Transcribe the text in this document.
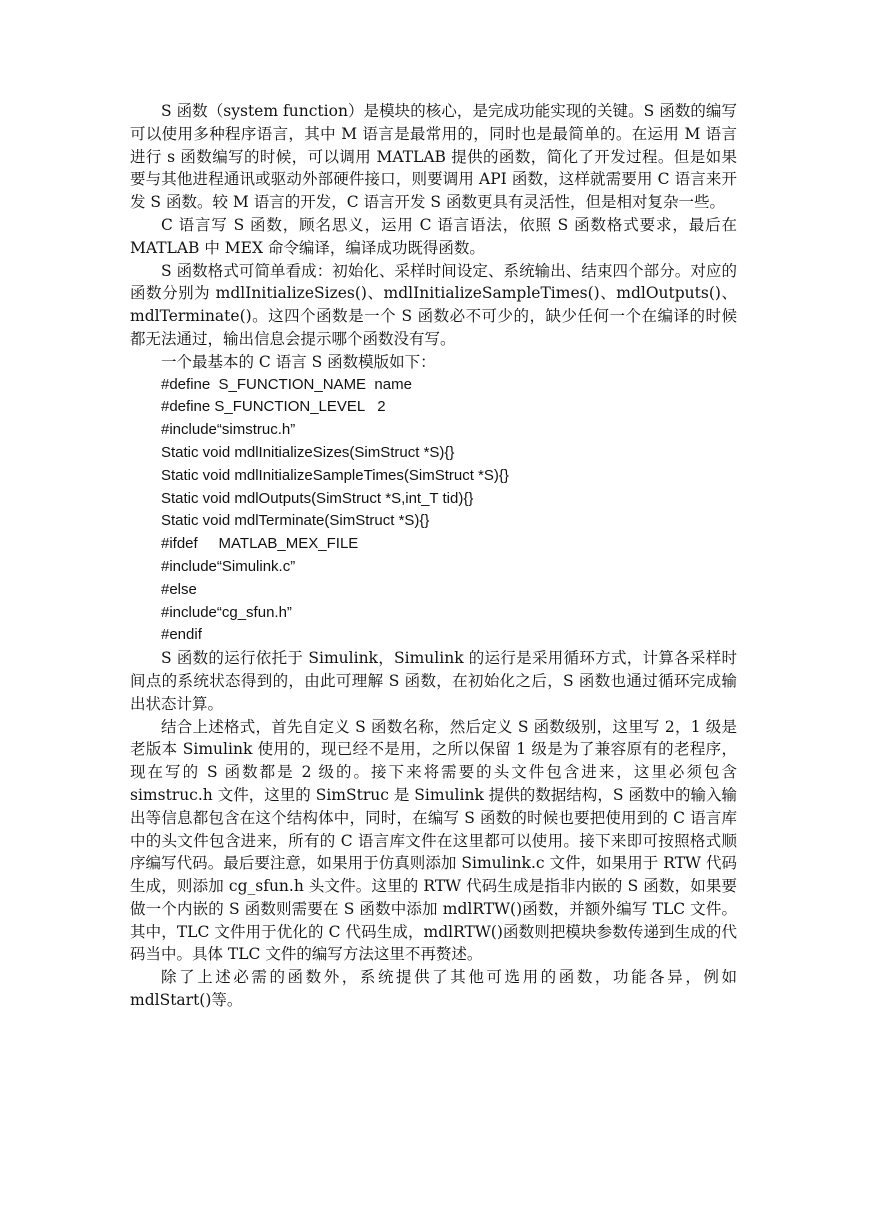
S 函数（system function）是模块的核心，是完成功能实现的关键。S 函数的编写可以使用多种程序语言，其中 M 语言是最常用的，同时也是最简单的。在运用 M 语言进行 s 函数编写的时候，可以调用 MATLAB 提供的函数，简化了开发过程。但是如果要与其他进程通讯或驱动外部硬件接口，则要调用 API 函数，这样就需要用 C 语言来开发 S 函数。较 M 语言的开发，C 语言开发 S 函数更具有灵活性，但是相对复杂一些。

C 语言写 S 函数，顾名思义，运用 C 语言语法，依照 S 函数格式要求，最后在 MATLAB 中 MEX 命令编译，编译成功既得函数。

S 函数格式可简单看成：初始化、采样时间设定、系统输出、结束四个部分。对应的函数分别为 mdlInitializeSizes()、mdlInitializeSampleTimes()、mdlOutputs()、mdlTerminate()。这四个函数是一个 S 函数必不可少的，缺少任何一个在编译的时候都无法通过，输出信息会提示哪个函数没有写。

一个最基本的 C 语言 S 函数模版如下：

#define  S_FUNCTION_NAME  name

#define S_FUNCTION_LEVEL   2

#include“simstruc.h”

Static void mdlInitializeSizes(SimStruct *S){}

Static void mdlInitializeSampleTimes(SimStruct *S){}

Static void mdlOutputs(SimStruct *S,int_T tid){}

Static void mdlTerminate(SimStruct *S){}

#ifdef     MATLAB_MEX_FILE

#include“Simulink.c”

#else

#include“cg_sfun.h”

#endif

S 函数的运行依托于 Simulink，Simulink 的运行是采用循环方式，计算各采样时间点的系统状态得到的，由此可理解 S 函数，在初始化之后，S 函数也通过循环完成输出状态计算。

结合上述格式，首先自定义 S 函数名称，然后定义 S 函数级别，这里写 2，1 级是老版本 Simulink 使用的，现已经不是用，之所以保留 1 级是为了兼容原有的老程序，现在写的 S 函数都是 2 级的。接下来将需要的头文件包含进来，这里必须包含 simstruc.h 文件，这里的 SimStruc 是 Simulink 提供的数据结构，S 函数中的输入输出等信息都包含在这个结构体中，同时，在编写 S 函数的时候也要把使用到的 C 语言库中的头文件包含进来，所有的 C 语言库文件在这里都可以使用。接下来即可按照格式顺序编写代码。最后要注意，如果用于仿真则添加 Simulink.c 文件，如果用于 RTW 代码生成，则添加 cg_sfun.h 头文件。这里的 RTW 代码生成是指非内嵌的 S 函数，如果要做一个内嵌的 S 函数则需要在 S 函数中添加 mdlRTW()函数，并额外编写 TLC 文件。其中，TLC 文件用于优化的 C 代码生成，mdlRTW()函数则把模块参数传递到生成的代码当中。具体 TLC 文件的编写方法这里不再赘述。

除了上述必需的函数外，系统提供了其他可选用的函数，功能各异，例如 mdlStart()等。
